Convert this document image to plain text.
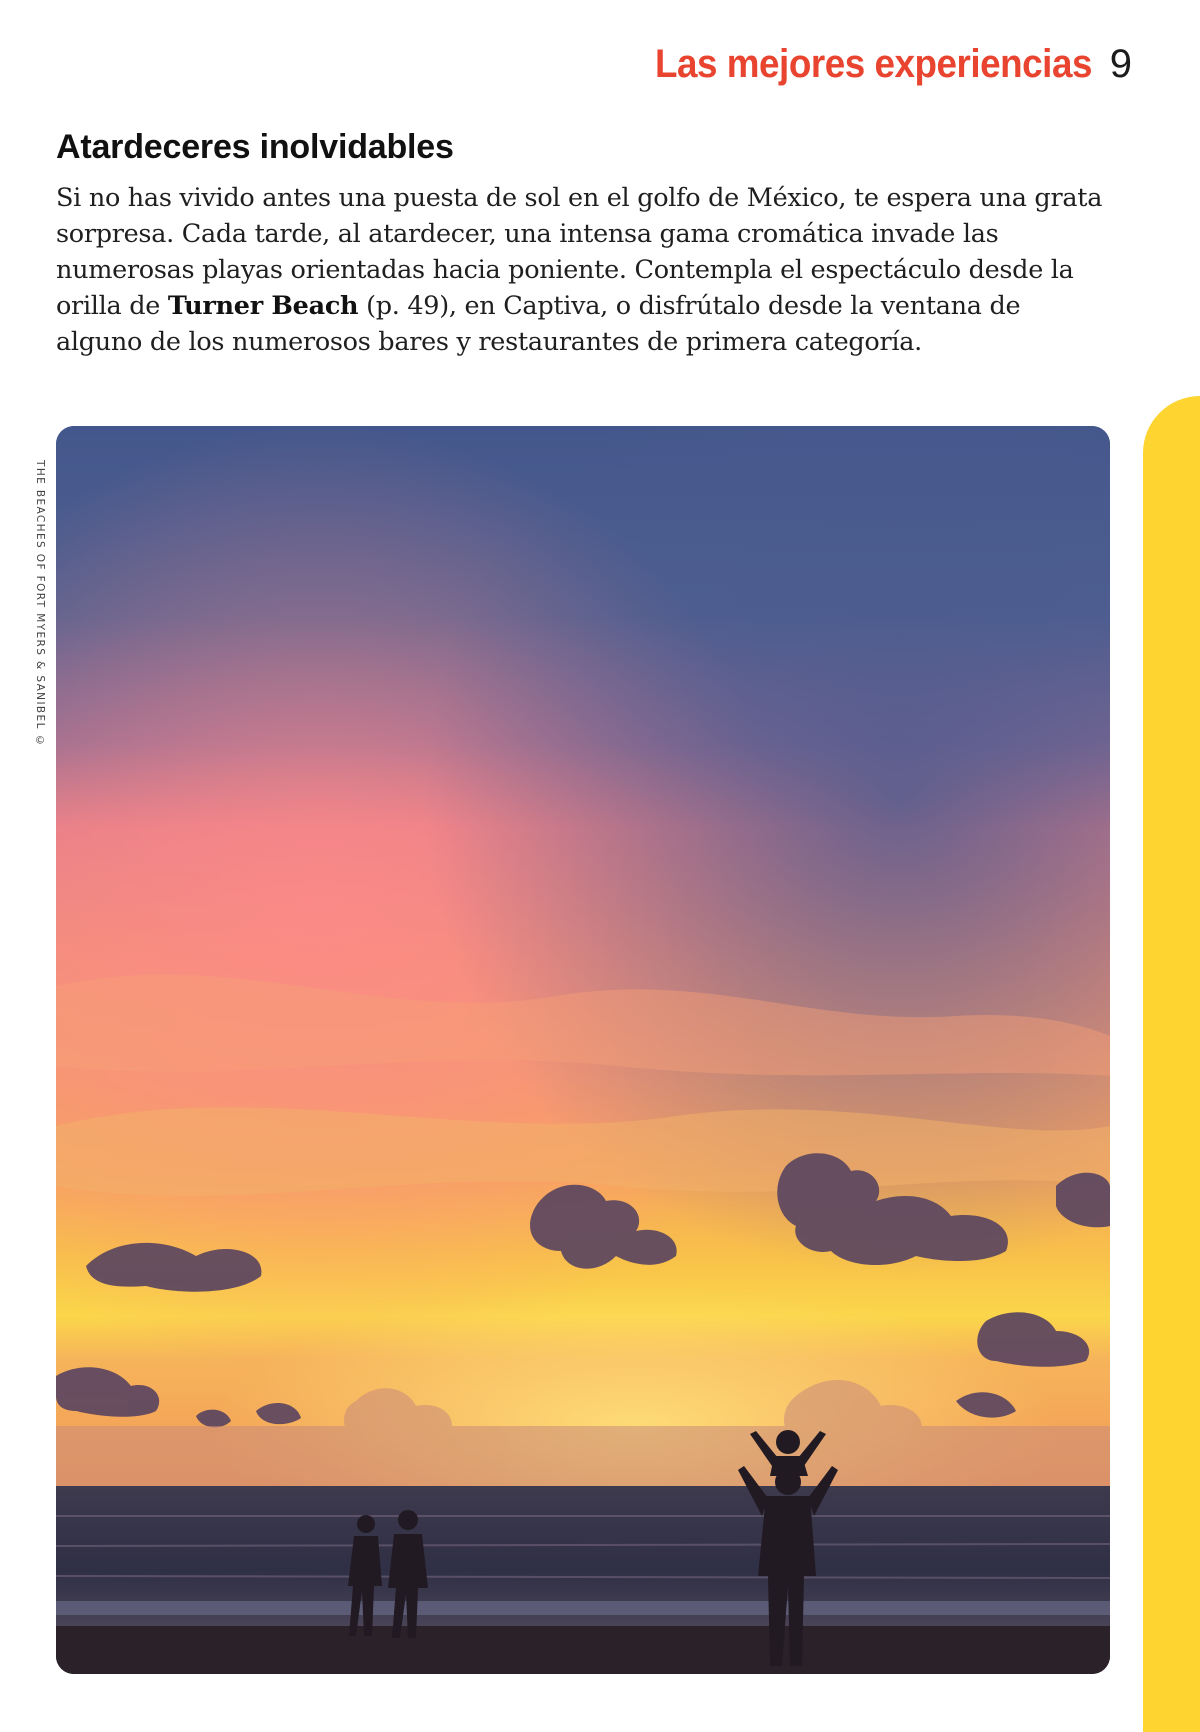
Las mejores experiencias 9
Atardeceres inolvidables

Si no has vivido antes una puesta de sol en el golfo de México, te espera una grata sorpresa. Cada tarde, al atardecer, una intensa gama cromática invade las numerosas playas orientadas hacia poniente. Contempla el espectáculo desde la orilla de Turner Beach (p. 49), en Captiva, o disfrútalo desde la ventana de alguno de los numerosos bares y restaurantes de primera categoría.

THE BEACHES OF FORT MYERS & SANIBEL ©
